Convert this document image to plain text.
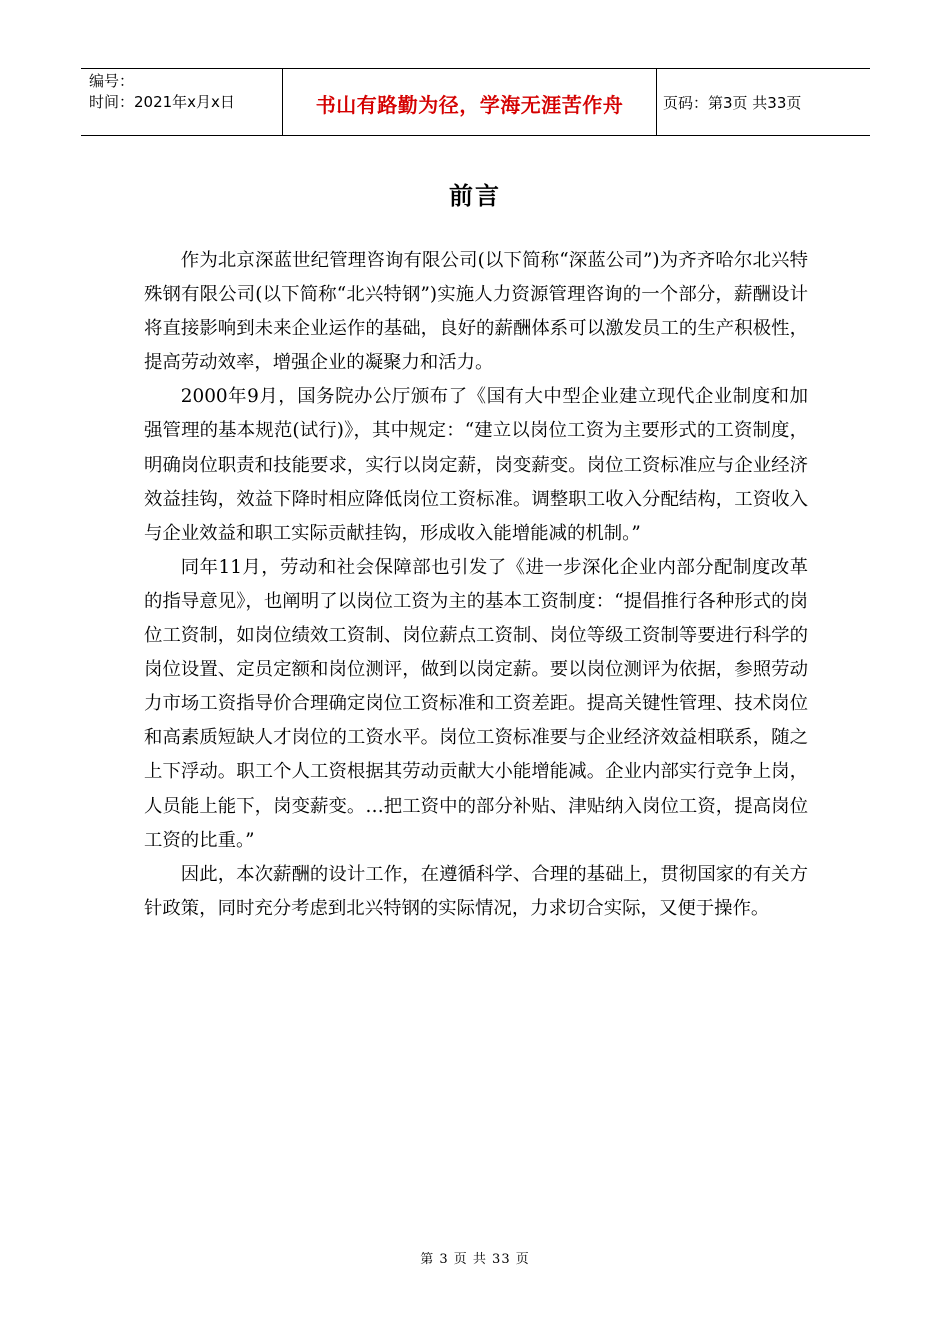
编号：
时间：2021年x月x日	书山有路勤为径，学海无涯苦作舟	页码：第3页 共33页
前言

作为北京深蓝世纪管理咨询有限公司(以下简称“深蓝公司”)为齐齐哈尔北兴特殊钢有限公司(以下简称“北兴特钢”)实施人力资源管理咨询的一个部分，薪酬设计将直接影响到未来企业运作的基础，良好的薪酬体系可以激发员工的生产积极性，提高劳动效率，增强企业的凝聚力和活力。

2000年9月，国务院办公厅颁布了《国有大中型企业建立现代企业制度和加强管理的基本规范(试行)》，其中规定：“建立以岗位工资为主要形式的工资制度，明确岗位职责和技能要求，实行以岗定薪，岗变薪变。岗位工资标准应与企业经济效益挂钩，效益下降时相应降低岗位工资标准。调整职工收入分配结构，工资收入与企业效益和职工实际贡献挂钩，形成收入能增能减的机制。”

同年11月，劳动和社会保障部也引发了《进一步深化企业内部分配制度改革的指导意见》，也阐明了以岗位工资为主的基本工资制度：“提倡推行各种形式的岗位工资制，如岗位绩效工资制、岗位薪点工资制、岗位等级工资制等要进行科学的岗位设置、定员定额和岗位测评，做到以岗定薪。要以岗位测评为依据，参照劳动力市场工资指导价合理确定岗位工资标准和工资差距。提高关键性管理、技术岗位和高素质短缺人才岗位的工资水平。岗位工资标准要与企业经济效益相联系，随之上下浮动。职工个人工资根据其劳动贡献大小能增能减。企业内部实行竞争上岗，人员能上能下，岗变薪变。…把工资中的部分补贴、津贴纳入岗位工资，提高岗位工资的比重。”

因此，本次薪酬的设计工作，在遵循科学、合理的基础上，贯彻国家的有关方针政策，同时充分考虑到北兴特钢的实际情况，力求切合实际，又便于操作。

第 3 页 共 33 页
